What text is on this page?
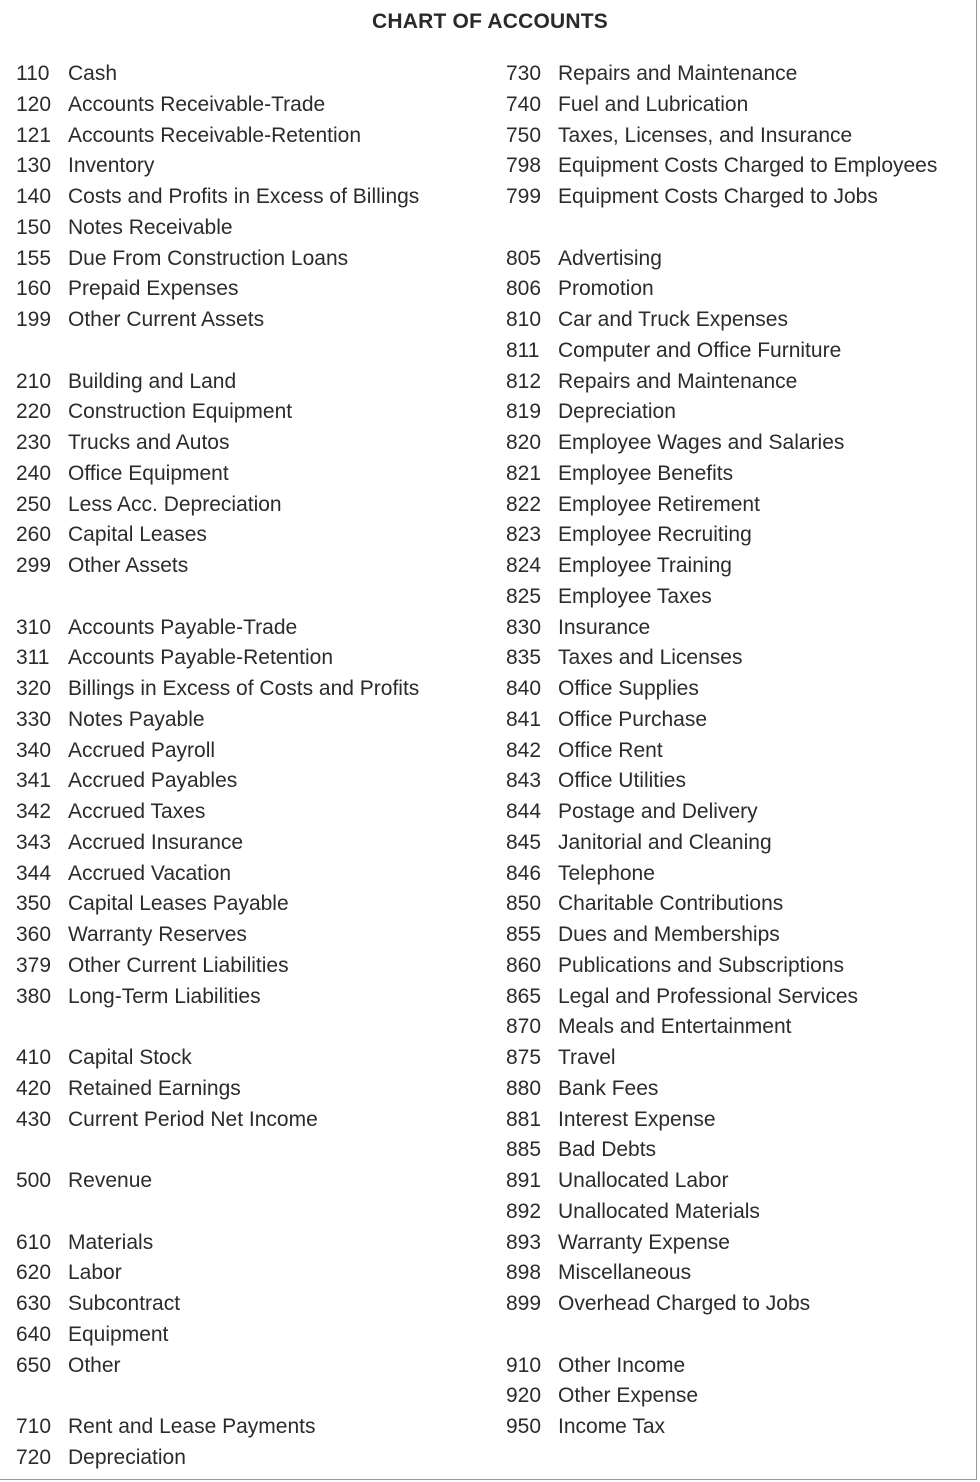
CHART OF ACCOUNTS
110 Cash
120 Accounts Receivable-Trade
121 Accounts Receivable-Retention
130 Inventory
140 Costs and Profits in Excess of Billings
150 Notes Receivable
155 Due From Construction Loans
160 Prepaid Expenses
199 Other Current Assets
210 Building and Land
220 Construction Equipment
230 Trucks and Autos
240 Office Equipment
250 Less Acc. Depreciation
260 Capital Leases
299 Other Assets
310 Accounts Payable-Trade
311 Accounts Payable-Retention
320 Billings in Excess of Costs and Profits
330 Notes Payable
340 Accrued Payroll
341 Accrued Payables
342 Accrued Taxes
343 Accrued Insurance
344 Accrued Vacation
350 Capital Leases Payable
360 Warranty Reserves
379 Other Current Liabilities
380 Long-Term Liabilities
410 Capital Stock
420 Retained Earnings
430 Current Period Net Income
500 Revenue
610 Materials
620 Labor
630 Subcontract
640 Equipment
650 Other
710 Rent and Lease Payments
720 Depreciation
730 Repairs and Maintenance
740 Fuel and Lubrication
750 Taxes, Licenses, and Insurance
798 Equipment Costs Charged to Employees
799 Equipment Costs Charged to Jobs
805 Advertising
806 Promotion
810 Car and Truck Expenses
811 Computer and Office Furniture
812 Repairs and Maintenance
819 Depreciation
820 Employee Wages and Salaries
821 Employee Benefits
822 Employee Retirement
823 Employee Recruiting
824 Employee Training
825 Employee Taxes
830 Insurance
835 Taxes and Licenses
840 Office Supplies
841 Office Purchase
842 Office Rent
843 Office Utilities
844 Postage and Delivery
845 Janitorial and Cleaning
846 Telephone
850 Charitable Contributions
855 Dues and Memberships
860 Publications and Subscriptions
865 Legal and Professional Services
870 Meals and Entertainment
875 Travel
880 Bank Fees
881 Interest Expense
885 Bad Debts
891 Unallocated Labor
892 Unallocated Materials
893 Warranty Expense
898 Miscellaneous
899 Overhead Charged to Jobs
910 Other Income
920 Other Expense
950 Income Tax
